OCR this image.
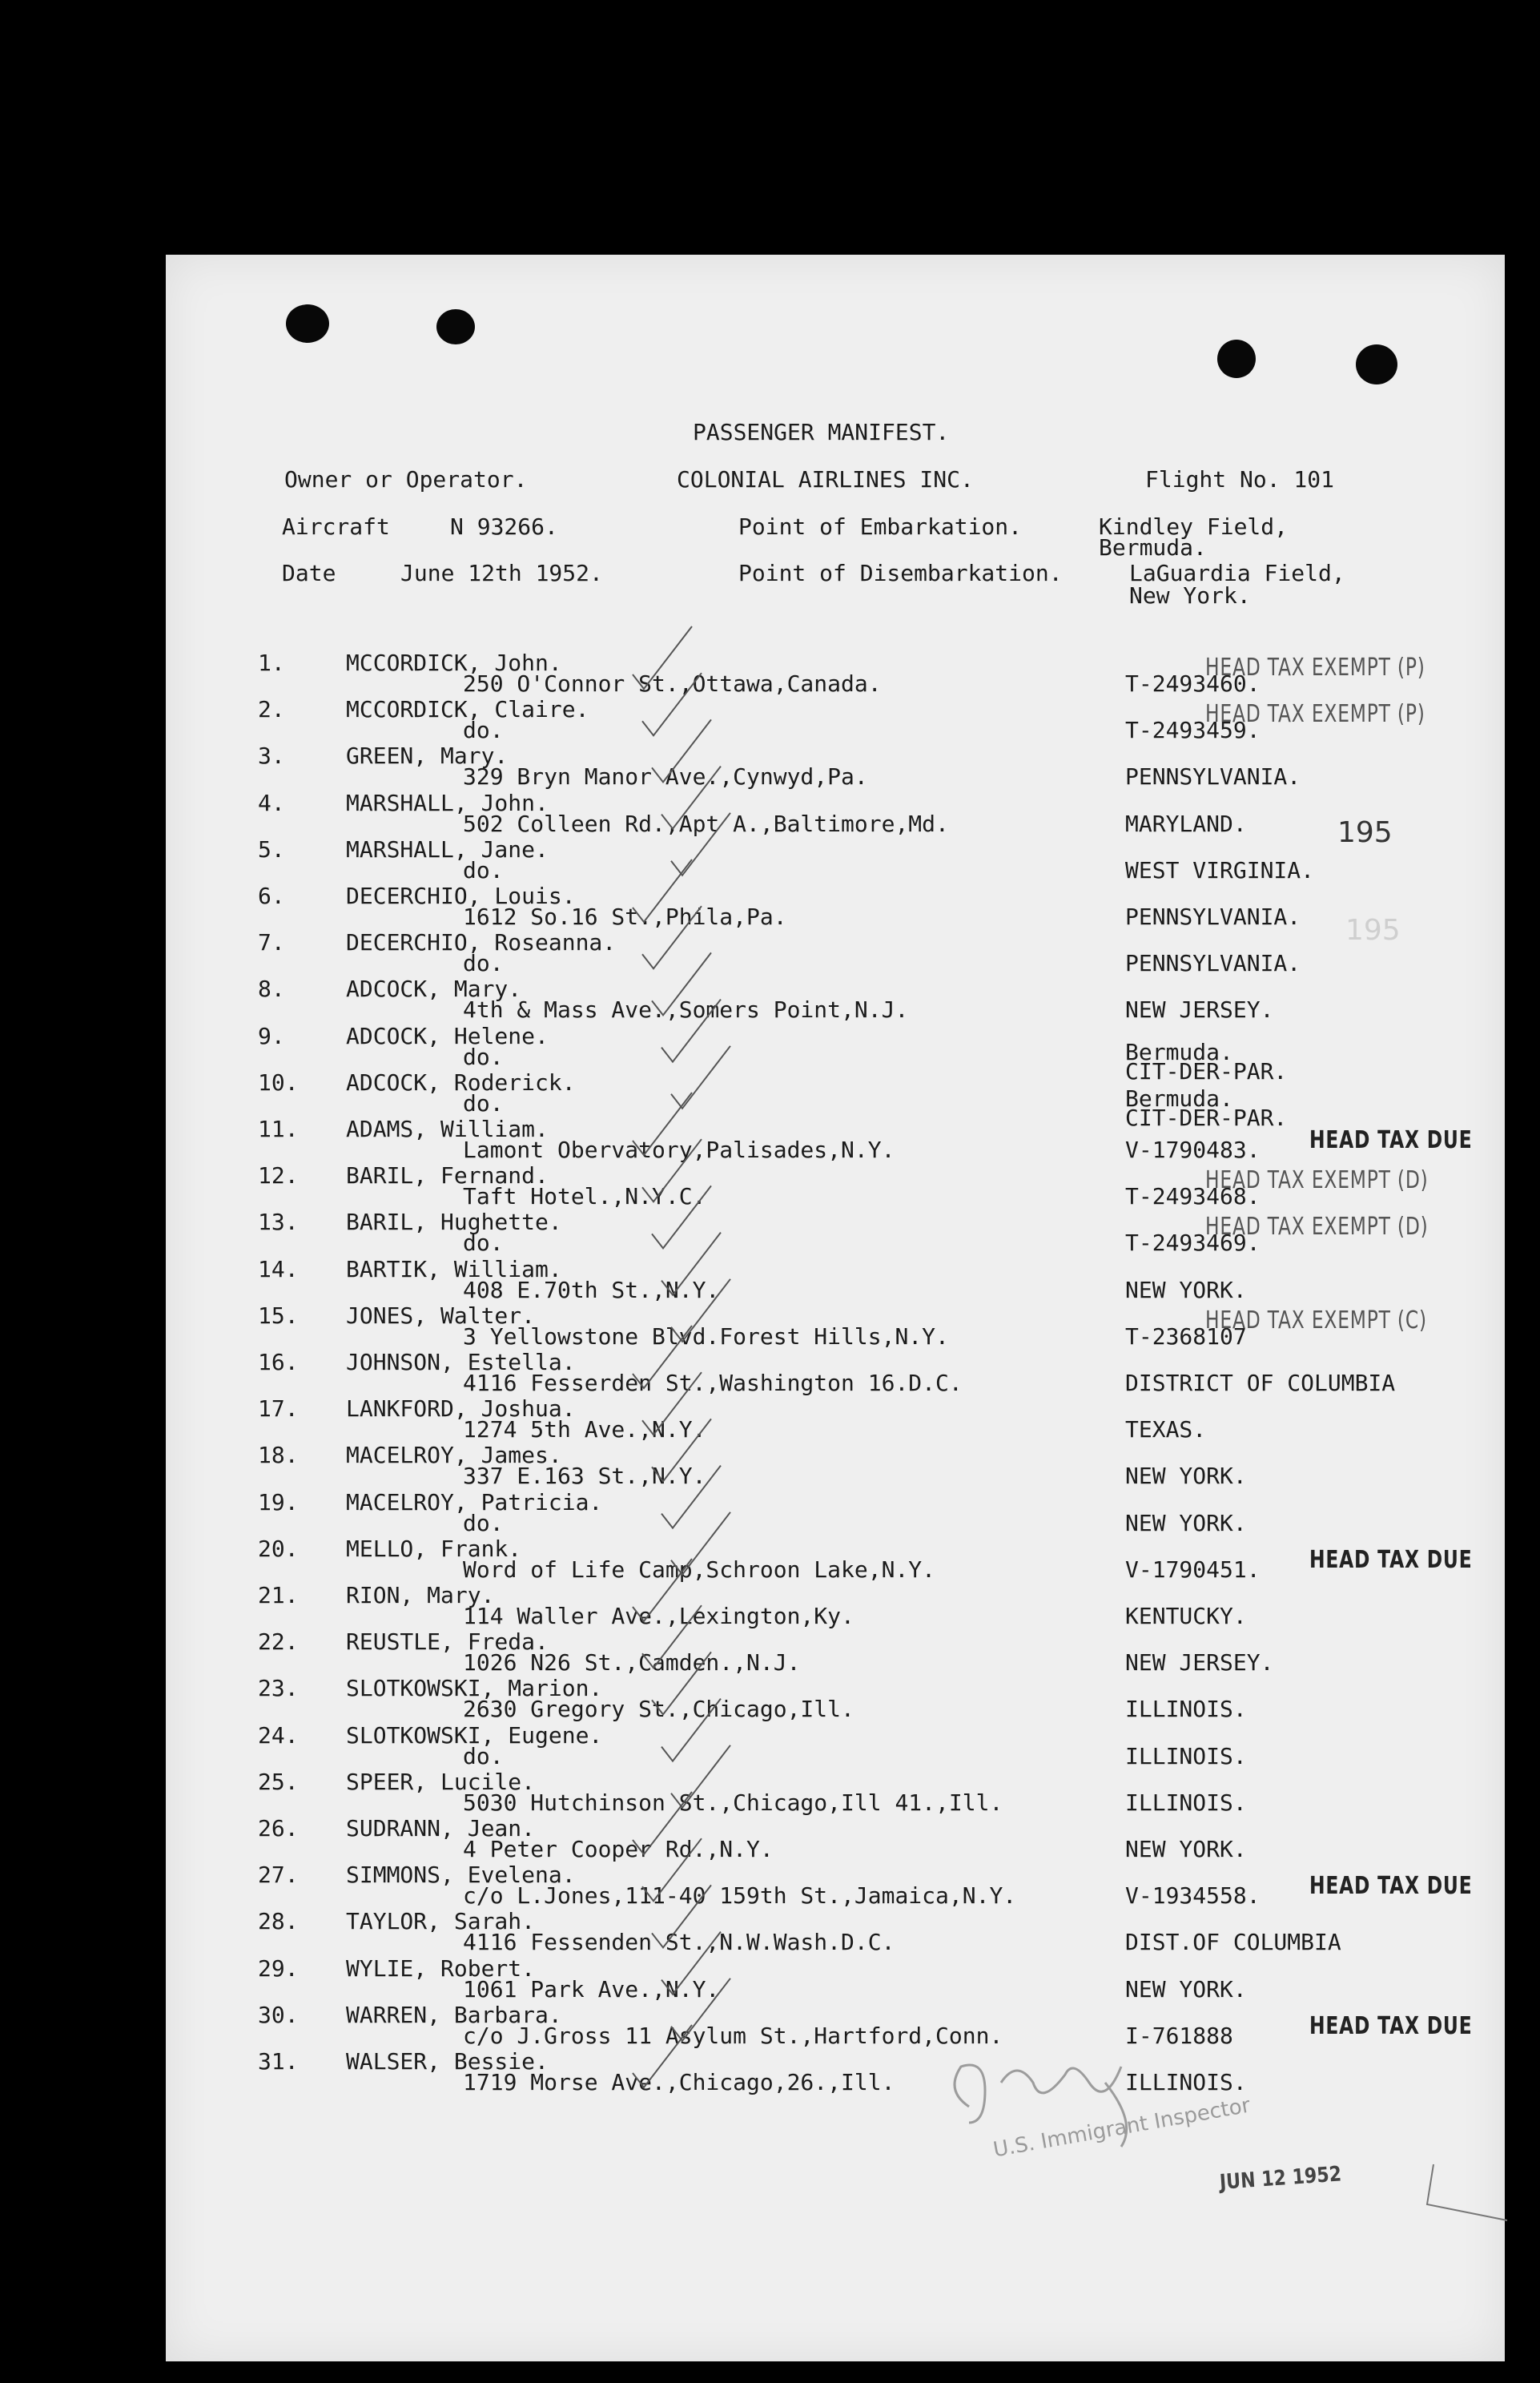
PASSENGER MANIFEST.
Owner or Operator.	COLONIAL AIRLINES INC.	Flight No. 101
Aircraft	N 93266.	Point of Embarkation.	Kindley Field,
Bermuda.
Date	June 12th 1952.	Point of Disembarkation.	LaGuardia Field,
New York.
195
195
1.	MCCORDICK, John.
250 O'Connor St.,Ottawa,Canada.	T-2493460.
HEAD TAX EXEMPT (P)
2.	MCCORDICK, Claire.
do.	T-2493459.
HEAD TAX EXEMPT (P)
3.	GREEN, Mary.
329 Bryn Manor Ave.,Cynwyd,Pa.	PENNSYLVANIA.
4.	MARSHALL, John.
502 Colleen Rd.,Apt A.,Baltimore,Md.	MARYLAND.
5.	MARSHALL, Jane.
do.	WEST VIRGINIA.
6.	DECERCHIO, Louis.
1612 So.16 St.,Phila,Pa.	PENNSYLVANIA.
7.	DECERCHIO, Roseanna.
do.	PENNSYLVANIA.
8.	ADCOCK, Mary.
4th & Mass Ave.,Somers Point,N.J.	NEW JERSEY.
9.	ADCOCK, Helene.
do.	Bermuda.
CIT-DER-PAR.
10. ADCOCK, Roderick.
do.	Bermuda.
CIT-DER-PAR.
11. ADAMS, William.
Lamont Obervatory,Palisades,N.Y.	V-1790483. HEAD TAX DUE
12. BARIL, Fernand.
Taft Hotel.,N.Y.C.	T-2493468.
HEAD TAX EXEMPT (D)
13. BARIL, Hughette.
do.	T-2493469.
HEAD TAX EXEMPT (D)
14. BARTIK, William.
408 E.70th St.,N.Y.	NEW YORK.
15. JONES, Walter.
3 Yellowstone Blvd.Forest Hills,N.Y.	T-2368107
HEAD TAX EXEMPT (C)
16. JOHNSON, Estella.
4116 Fesserden St.,Washington 16.D.C.	DISTRICT OF COLUMBIA
17. LANKFORD, Joshua.
1274 5th Ave.,N.Y.	TEXAS.
18. MACELROY, James.
337 E.163 St.,N.Y.	NEW YORK.
19. MACELROY, Patricia.
do.	NEW YORK.
20. MELLO, Frank.
Word of Life Camp,Schroon Lake,N.Y.	V-1790451. HEAD TAX DUE
21. RION, Mary.
114 Waller Ave.,Lexington,Ky.	KENTUCKY.
22. REUSTLE, Freda.
1026 N26 St.,Camden.,N.J.	NEW JERSEY.
23. SLOTKOWSKI, Marion.
2630 Gregory St.,Chicago,Ill.	ILLINOIS.
24. SLOTKOWSKI, Eugene.
do.	ILLINOIS.
25. SPEER, Lucile.
5030 Hutchinson St.,Chicago,Ill 41.,Ill.	ILLINOIS.
26. SUDRANN, Jean.
4 Peter Cooper Rd.,N.Y.	NEW YORK.
27. SIMMONS, Evelena.
c/o L.Jones,111-40 159th St.,Jamaica,N.Y.	V-1934558. HEAD TAX DUE
28. TAYLOR, Sarah.
4116 Fessenden St.,N.W.Wash.D.C.	DIST.OF COLUMBIA
29. WYLIE, Robert.
1061 Park Ave.,N.Y.	NEW YORK.
30. WARREN, Barbara.
c/o J.Gross 11 Asylum St.,Hartford,Conn.	I-761888	HEAD TAX DUE
31. WALSER, Bessie.
1719 Morse Ave.,Chicago,26.,Ill.	ILLINOIS.
U.S. Immigrant Inspector
JUN 12 1952
